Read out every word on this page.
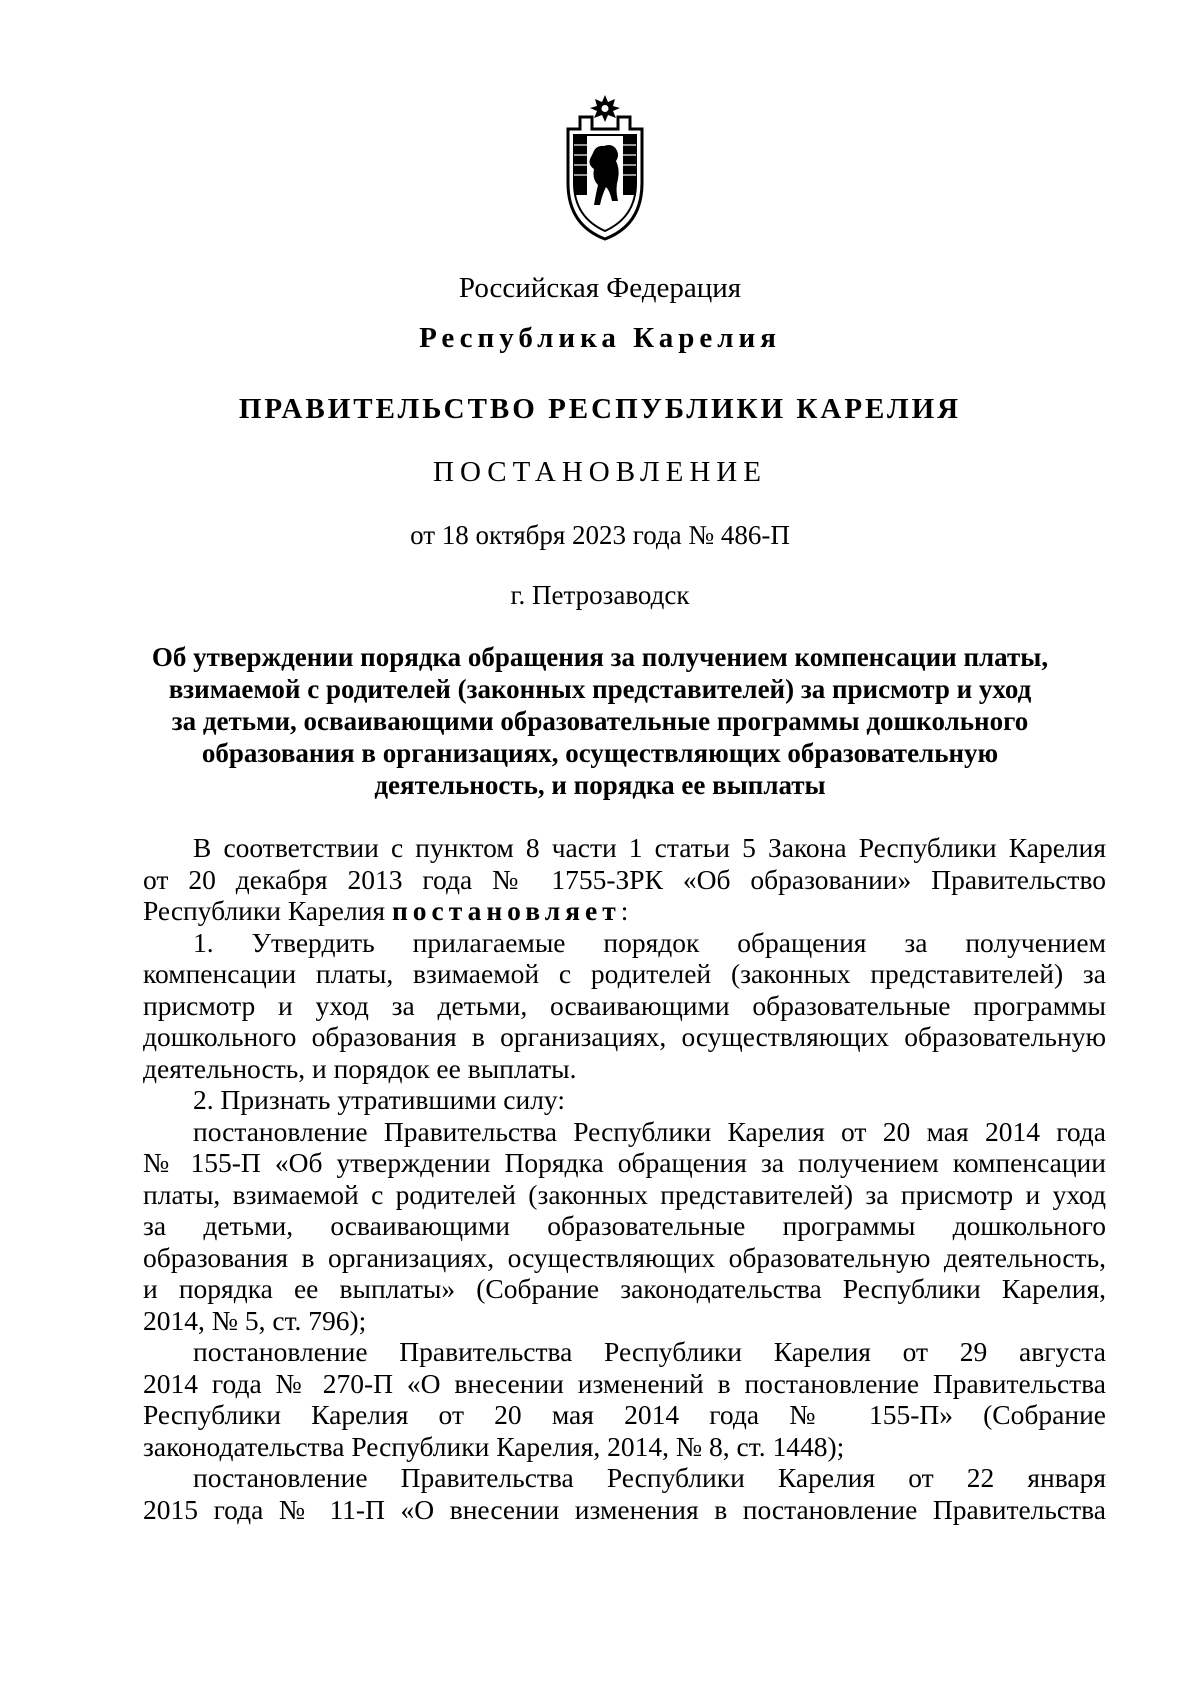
Российская Федерация
Республика Карелия
ПРАВИТЕЛЬСТВО РЕСПУБЛИКИ КАРЕЛИЯ
ПОСТАНОВЛЕНИЕ
от 18 октября 2023 года № 486-П
г. Петрозаводск
Об утверждении порядка обращения за получением компенсации платы,
взимаемой с родителей (законных представителей) за присмотр и уход
за детьми, осваивающими образовательные программы дошкольного
образования в организациях, осуществляющих образовательную
деятельность, и порядка ее выплаты
В соответствии с пунктом 8 части 1 статьи 5 Закона Республики Карелия
от 20 декабря 2013 года № 1755-ЗРК «Об образовании» Правительство
Республики Карелия постановляет:
1. Утвердить прилагаемые порядок обращения за получением
компенсации платы, взимаемой с родителей (законных представителей) за
присмотр и уход за детьми, осваивающими образовательные программы
дошкольного образования в организациях, осуществляющих образовательную
деятельность, и порядок ее выплаты.
2. Признать утратившими силу:
постановление Правительства Республики Карелия от 20 мая 2014 года
№ 155-П «Об утверждении Порядка обращения за получением компенсации
платы, взимаемой с родителей (законных представителей) за присмотр и уход
за детьми, осваивающими образовательные программы дошкольного
образования в организациях, осуществляющих образовательную деятельность,
и порядка ее выплаты» (Собрание законодательства Республики Карелия,
2014, № 5, ст. 796);
постановление Правительства Республики Карелия от 29 августа
2014 года № 270-П «О внесении изменений в постановление Правительства
Республики Карелия от 20 мая 2014 года № 155-П» (Собрание
законодательства Республики Карелия, 2014, № 8, ст. 1448);
постановление Правительства Республики Карелия от 22 января
2015 года № 11-П «О внесении изменения в постановление Правительства
